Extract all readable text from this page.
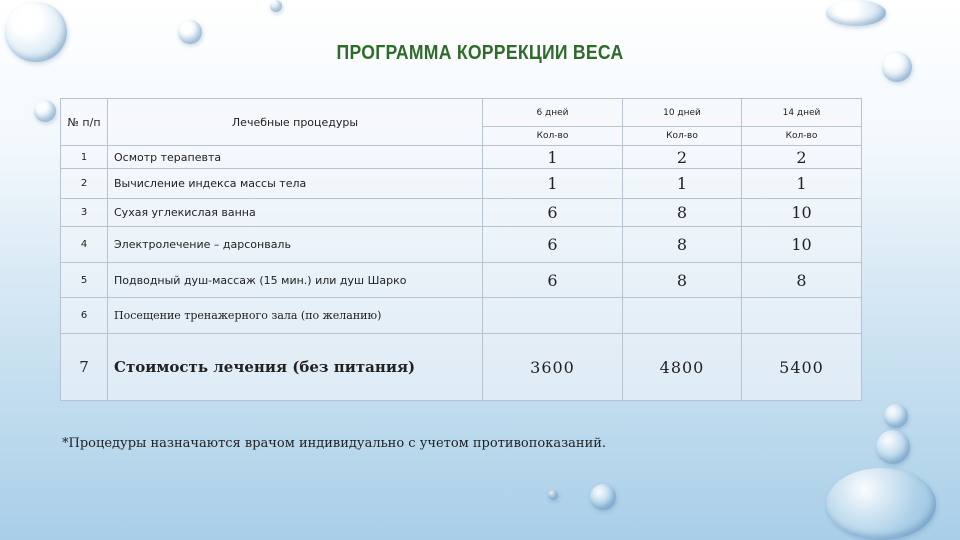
ПРОГРАММА КОРРЕКЦИИ ВЕСА
№ п/п	Лечебные процедуры	6 дней	10 дней	14 дней
		Кол-во	Кол-во	Кол-во
1	Осмотр терапевта	1	2	2
2	Вычисление индекса массы тела	1	1	1
3	Сухая углекислая ванна	6	8	10
4	Электролечение – дарсонваль	6	8	10
5	Подводный душ-массаж (15 мин.) или душ Шарко	6	8	8
6	Посещение тренажерного зала (по желанию)			
7	Стоимость лечения (без питания)	3600	4800	5400
*Процедуры назначаются врачом индивидуально с учетом противопоказаний.
